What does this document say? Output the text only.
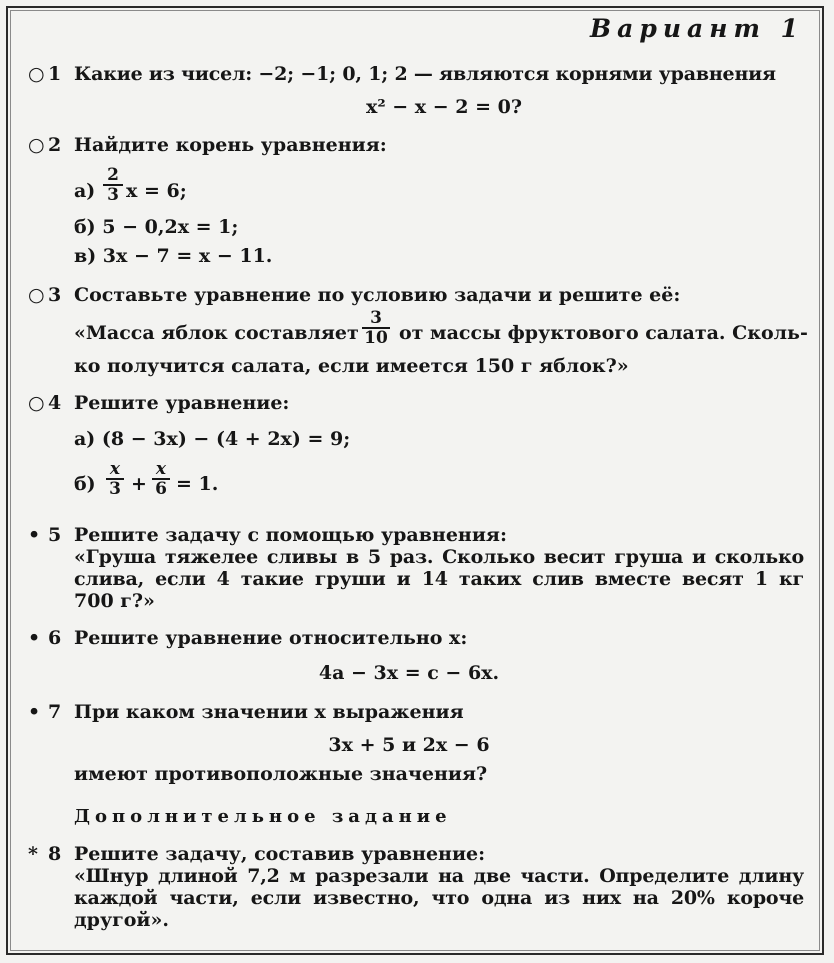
Вариант 1
○ 1 Какие из чисел: −2; −1; 0, 1; 2 — являются корнями уравнения
x² − x − 2 = 0?
○ 2 Найдите корень уравнения:
$а) \frac{2}{3}$ x = 6;
б) 5 − 0,2x = 1;
в) 3x − 7 = x − 11.
○ 3 Составьте уравнение по условию задачи и решите её:
«Масса яблок составляет $\frac{3}{10}$ от массы фруктового салата. Сколь-
ко получится салата, если имеется 150 г яблок?»
○ 4 Решите уравнение:
а) (8 − 3x) − (4 + 2x) = 9;
$б) \frac{x}{3} + \frac{x}{6} = 1$.
• 5 Решите задачу с помощью уравнения:
«Груша тяжелее сливы в 5 раз. Сколько весит груша и сколько
слива, если 4 такие груши и 14 таких слив вместе весят 1 кг
700 г?»
• 6 Решите уравнение относительно x:
4a − 3x = c − 6x.
• 7 При каком значении x выражения
3x + 5 и 2x − 6
имеют противоположные значения?
Дополнительное задание
* 8 Решите задачу, составив уравнение:
«Шнур длиной 7,2 м разрезали на две части. Определите длину
каждой части, если известно, что одна из них на 20% короче
другой».
